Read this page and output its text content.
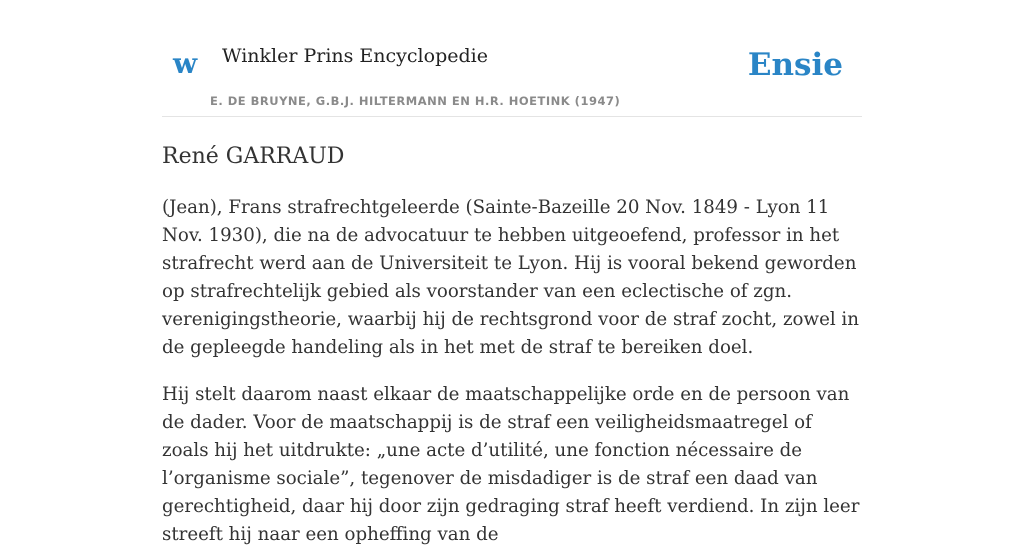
w Winkler Prins Encyclopedie
E. DE BRUYNE, G.B.J. HILTERMANN EN H.R. HOETINK (1947)
Ensie
René GARRAUD

(Jean), Frans strafrechtgeleerde (Sainte-Bazeille 20 Nov. 1849 - Lyon 11 Nov. 1930), die na de advocatuur te hebben uitgeoefend, professor in het strafrecht werd aan de Universiteit te Lyon. Hij is vooral bekend geworden op strafrechtelijk gebied als voorstander van een eclectische of zgn. verenigingstheorie, waarbij hij de rechtsgrond voor de straf zocht, zowel in de gepleegde handeling als in het met de straf te bereiken doel.

Hij stelt daarom naast elkaar de maatschappelijke orde en de persoon van de dader. Voor de maatschappij is de straf een veiligheidsmaatregel of zoals hij het uitdrukte: „une acte d’utilité, une fonction nécessaire de l’organisme sociale”, tegenover de misdadiger is de straf een daad van gerechtigheid, daar hij door zijn gedraging straf heeft verdiend. In zijn leer streeft hij naar een opheffing van de
